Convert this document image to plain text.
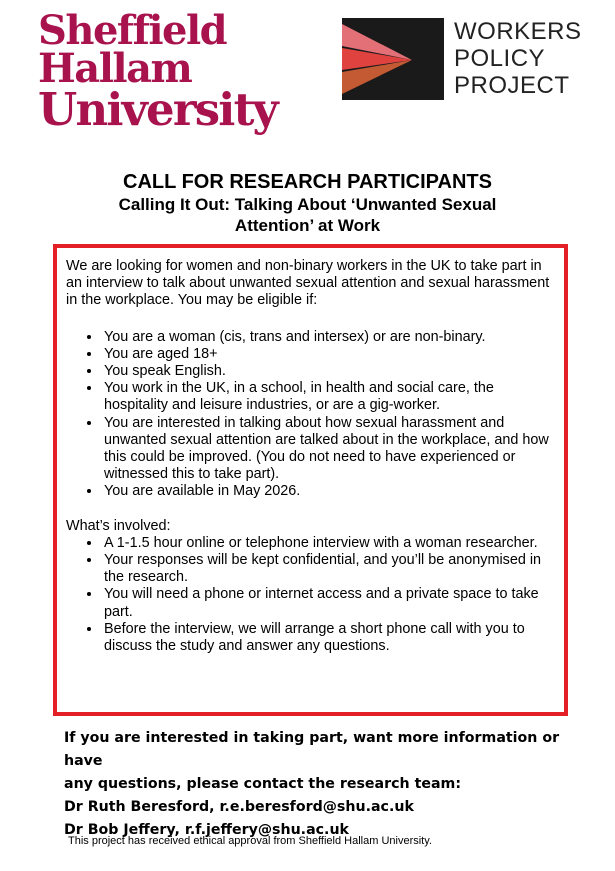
Sheffield
Hallam
University
WORKERS
POLICY
PROJECT
CALL FOR RESEARCH PARTICIPANTS
Calling It Out: Talking About ‘Unwanted Sexual
Attention’ at Work

We are looking for women and non-binary workers in the UK to take part in an interview to talk about unwanted sexual attention and sexual harassment in the workplace. You may be eligible if:

• You are a woman (cis, trans and intersex) or are non-binary.
• You are aged 18+
• You speak English.
• You work in the UK, in a school, in health and social care, the hospitality and leisure industries, or are a gig-worker.
• You are interested in talking about how sexual harassment and unwanted sexual attention are talked about in the workplace, and how this could be improved. (You do not need to have experienced or witnessed this to take part).
• You are available in May 2026.

What’s involved:

• A 1-1.5 hour online or telephone interview with a woman researcher.
• Your responses will be kept confidential, and you’ll be anonymised in the research.
• You will need a phone or internet access and a private space to take part.
• Before the interview, we will arrange a short phone call with you to discuss the study and answer any questions.
If you are interested in taking part, want more information or have
any questions, please contact the research team:
Dr Ruth Beresford, r.e.beresford@shu.ac.uk
Dr Bob Jeffery, r.f.jeffery@shu.ac.uk
This project has received ethical approval from Sheffield Hallam University.
